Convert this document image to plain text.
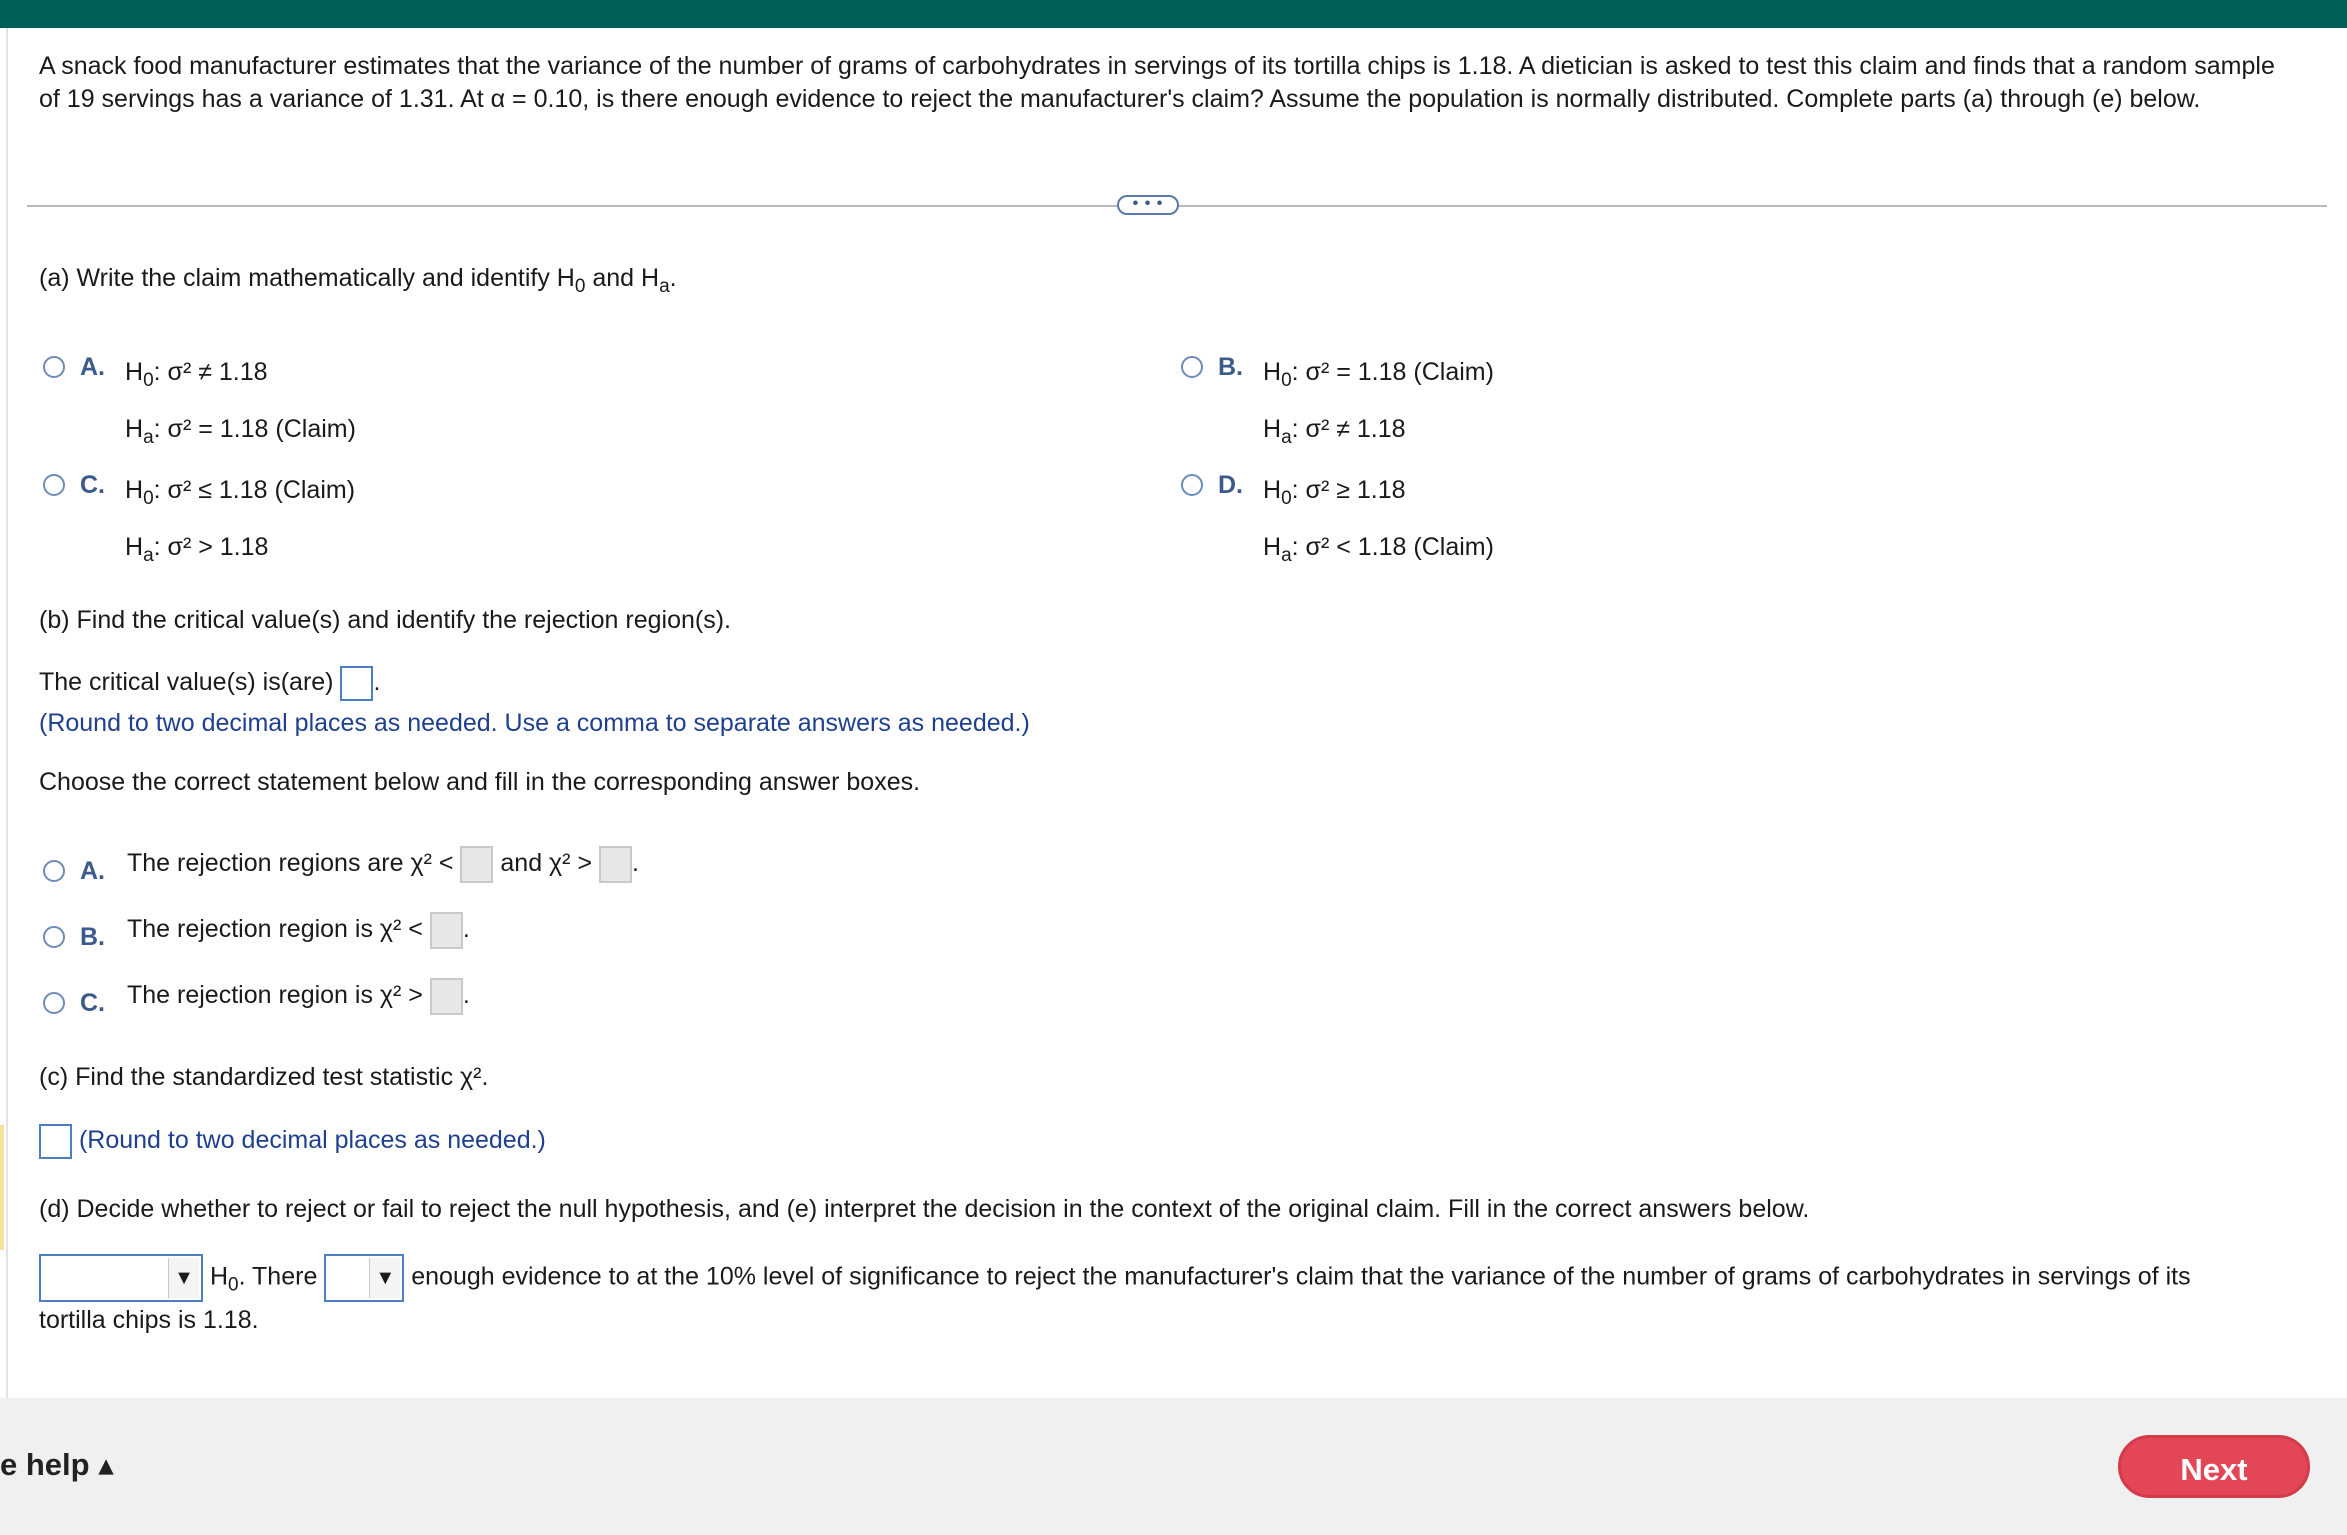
A snack food manufacturer estimates that the variance of the number of grams of carbohydrates in servings of its tortilla chips is 1.18. A dietician is asked to test this claim and finds that a random sample of 19 servings has a variance of 1.31. At α = 0.10, is there enough evidence to reject the manufacturer's claim? Assume the population is normally distributed. Complete parts (a) through (e) below.
• • •
(a) Write the claim mathematically and identify $H_0$ and $H_a$.
A. $H_0$: σ² ≠ 1.18
$H_a$: σ² = 1.18 (Claim)
B. $H_0$: σ² = 1.18 (Claim)
$H_a$: σ² ≠ 1.18
C. $H_0$: σ² ≤ 1.18 (Claim)
$H_a$: σ² > 1.18
D. $H_0$: σ² ≥ 1.18
$H_a$: σ² < 1.18 (Claim)
(b) Find the critical value(s) and identify the rejection region(s).
The critical value(s) is(are) .
(Round to two decimal places as needed. Use a comma to separate answers as needed.)
Choose the correct statement below and fill in the corresponding answer boxes.
A. The rejection regions are χ² < and χ² > .
B. The rejection region is χ² < .
C. The rejection region is χ² > .
(c) Find the standardized test statistic χ².
(Round to two decimal places as needed.)
(d) Decide whether to reject or fail to reject the null hypothesis, and (e) interpret the decision in the context of the original claim. Fill in the correct answers below.
▼ $H_0$. There	▼ enough evidence to at the 10% level of significance to reject the manufacturer's claim that the variance of the number of grams of carbohydrates in servings of its
tortilla chips is 1.18.
e help ▴	Next
